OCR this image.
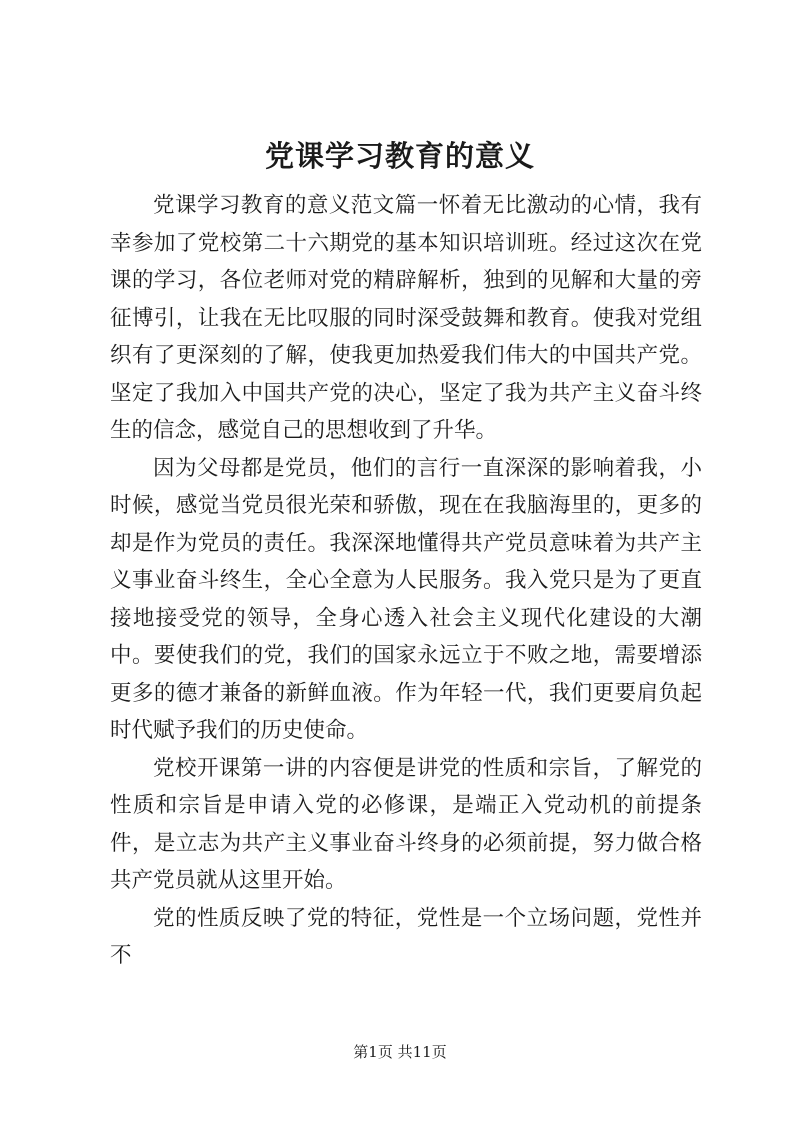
党课学习教育的意义

党课学习教育的意义范文篇一怀着无比激动的心情，我有幸参加了党校第二十六期党的基本知识培训班。经过这次在党课的学习，各位老师对党的精辟解析，独到的见解和大量的旁征博引，让我在无比叹服的同时深受鼓舞和教育。使我对党组织有了更深刻的了解，使我更加热爱我们伟大的中国共产党。坚定了我加入中国共产党的决心，坚定了我为共产主义奋斗终生的信念，感觉自己的思想收到了升华。

因为父母都是党员，他们的言行一直深深的影响着我，小时候，感觉当党员很光荣和骄傲，现在在我脑海里的，更多的却是作为党员的责任。我深深地懂得共产党员意味着为共产主义事业奋斗终生，全心全意为人民服务。我入党只是为了更直接地接受党的领导，全身心透入社会主义现代化建设的大潮中。要使我们的党，我们的国家永远立于不败之地，需要增添更多的德才兼备的新鲜血液。作为年轻一代，我们更要肩负起时代赋予我们的历史使命。

党校开课第一讲的内容便是讲党的性质和宗旨，了解党的性质和宗旨是申请入党的必修课，是端正入党动机的前提条件，是立志为共产主义事业奋斗终身的必须前提，努力做合格共产党员就从这里开始。

党的性质反映了党的特征，党性是一个立场问题，党性并不

第1页 共11页
